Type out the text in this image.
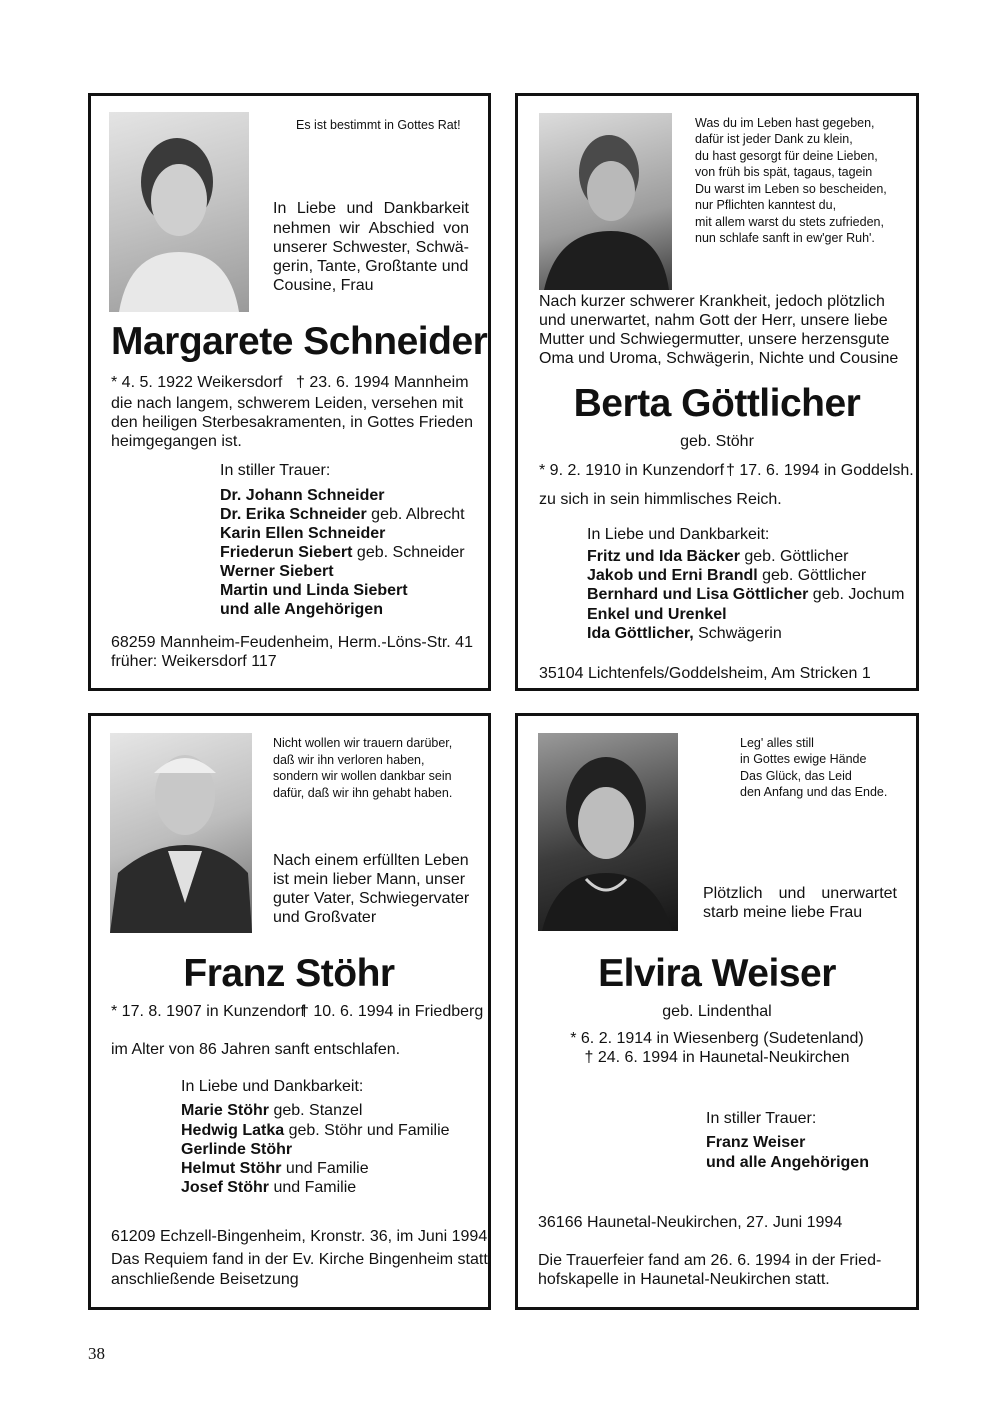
Es ist bestimmt in Gottes Rat!
In Liebe und Dankbarkeit
nehmen wir Abschied von
unserer Schwester, Schwä-
gerin, Tante, Großtante und
Cousine, Frau
Margarete Schneider
* 4. 5. 1922 Weikersdorf † 23. 6. 1994 Mannheim
die nach langem, schwerem Leiden, versehen mit
den heiligen Sterbesakramenten, in Gottes Frieden
heimgegangen ist.
In stiller Trauer:
Dr. Johann Schneider
Dr. Erika Schneider geb. Albrecht
Karin Ellen Schneider
Friederun Siebert geb. Schneider
Werner Siebert
Martin und Linda Siebert
und alle Angehörigen
68259 Mannheim-Feudenheim, Herm.-Löns-Str. 41
früher: Weikersdorf 117
Was du im Leben hast gegeben,
dafür ist jeder Dank zu klein,
du hast gesorgt für deine Lieben,
von früh bis spät, tagaus, tagein
Du warst im Leben so bescheiden,
nur Pflichten kanntest du,
mit allem warst du stets zufrieden,
nun schlafe sanft in ew'ger Ruh'.
Nach kurzer schwerer Krankheit, jedoch plötzlich
und unerwartet, nahm Gott der Herr, unsere liebe
Mutter und Schwiegermutter, unsere herzensgute
Oma und Uroma, Schwägerin, Nichte und Cousine
Berta Göttlicher
geb. Stöhr
* 9. 2. 1910 in Kunzendorf † 17. 6. 1994 in Goddelsh.
zu sich in sein himmlisches Reich.
In Liebe und Dankbarkeit:
Fritz und Ida Bäcker geb. Göttlicher
Jakob und Erni Brandl geb. Göttlicher
Bernhard und Lisa Göttlicher geb. Jochum
Enkel und Urenkel
Ida Göttlicher, Schwägerin
35104 Lichtenfels/Goddelsheim, Am Stricken 1
Nicht wollen wir trauern darüber,
daß wir ihn verloren haben,
sondern wir wollen dankbar sein
dafür, daß wir ihn gehabt haben.
Nach einem erfüllten Leben
ist mein lieber Mann, unser
guter Vater, Schwiegervater
und Großvater
Franz Stöhr
* 17. 8. 1907 in Kunzendorf
† 10. 6. 1994 in Friedberg
im Alter von 86 Jahren sanft entschlafen.
In Liebe und Dankbarkeit:
Marie Stöhr geb. Stanzel
Hedwig Latka geb. Stöhr und Familie
Gerlinde Stöhr
Helmut Stöhr und Familie
Josef Stöhr und Familie
61209 Echzell-Bingenheim, Kronstr. 36, im Juni 1994.
Das Requiem fand in der Ev. Kirche Bingenheim statt,
anschließende Beisetzung
Leg' alles still
in Gottes ewige Hände
Das Glück, das Leid
den Anfang und das Ende.
Plötzlich und unerwartet
starb meine liebe Frau
Elvira Weiser
geb. Lindenthal
* 6. 2. 1914 in Wiesenberg (Sudetenland)
† 24. 6. 1994 in Haunetal-Neukirchen
In stiller Trauer:
Franz Weiser
und alle Angehörigen
36166 Haunetal-Neukirchen, 27. Juni 1994
Die Trauerfeier fand am 26. 6. 1994 in der Fried-
hofskapelle in Haunetal-Neukirchen statt.
38
